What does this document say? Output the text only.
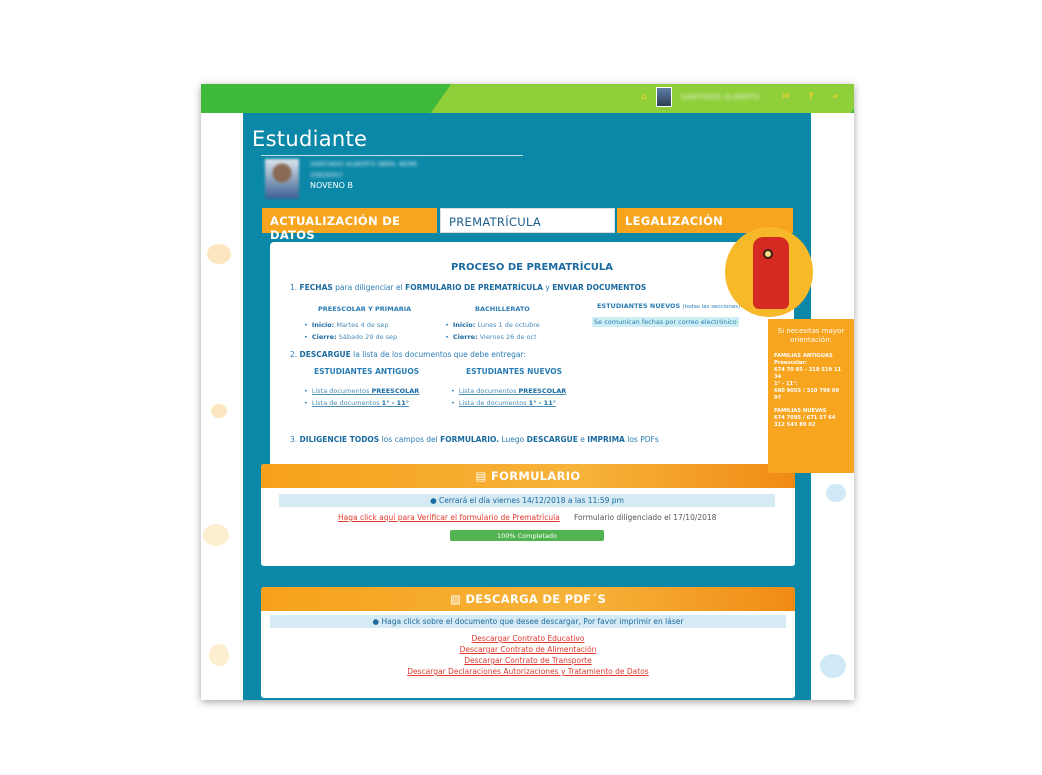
⌂	SANTIAGO ALBERTO ✉	?	⇥
Estudiante
SANTIAGO ALBERTO ABRIL NEME
20839457
NOVENO B
ACTUALIZACIÓN DE DATOS
PREMATRÍCULA	LEGALIZACIÓN
PROCESO DE PREMATRÍCULA
1. FECHAS para diligenciar el FORMULARIO DE PREMATRÍCULA y ENVIAR DOCUMENTOS
PREESCOLAR Y PRIMARIA	BACHILLERATO	ESTUDIANTES NUEVOS (todas las secciones)
Se comunican fechas por correo electrónico
• Inicio: Martes 4 de sep
• Cierre: Sábado 29 de sep
• Inicio: Lunes 1 de octubre
• Cierre: Viernes 26 de oct
2. DESCARGUE la lista de los documentos que debe entregar:
ESTUDIANTES ANTIGUOS	ESTUDIANTES NUEVOS
• Lista documentos PREESCOLAR
• Lista de documentos 1° - 11°
• Lista documentos PREESCOLAR
• Lista de documentos 1° - 11°
3. DILIGENCIE TODOS los campos del FORMULARIO. Luego DESCARGUE e IMPRIMA los PDFs
▤ FORMULARIO
● Cerrará el día viernes 14/12/2018 a las 11:59 pm
Haga click aquí para Verificar el formulario de Prematrícula Formulario diligenciado el 17/10/2018
100% Completado
▧ DESCARGA DE PDF´S
● Haga click sobre el documento que desee descargar, Por favor imprimir en láser
Descargar Contrato Educativo
Descargar Contrato de Alimentación
Descargar Contrato de Transporte
Descargar Declaraciones Autorizaciones y Tratamiento de Datos
Si necesitas mayor orientación:
FAMILIAS ANTIGUAS
Preescolar:
674 70 85 - 318 519 11 34
1° - 11°:
680 9055 / 310 799 09 97
FAMILIAS NUEVAS
674 7095 / 671 57 64
312 543 89 02
